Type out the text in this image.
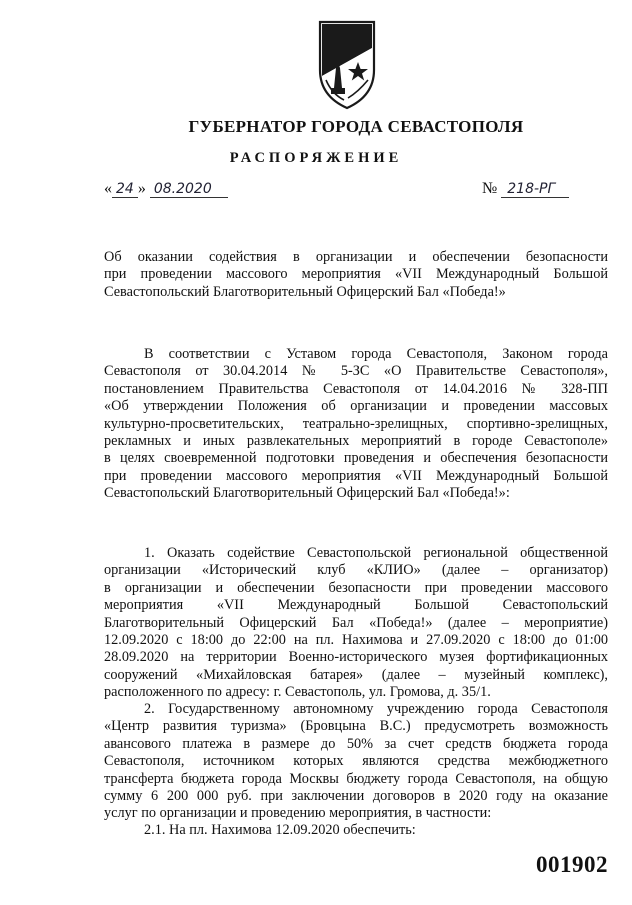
ГУБЕРНАТОР ГОРОДА СЕВАСТОПОЛЯ
РАСПОРЯЖЕНИЕ
« 24 » 08.2020	№ 218-РГ
Об оказании содействия в организации и обеспечении безопасности
при проведении массового мероприятия «VII Международный Большой
Севастопольский Благотворительный Офицерский Бал «Победа!»
В соответствии с Уставом города Севастополя, Законом города
Севастополя от 30.04.2014 № 5-ЗС «О Правительстве Севастополя»,
постановлением Правительства Севастополя от 14.04.2016 № 328-ПП
«Об утверждении Положения об организации и проведении массовых
культурно-просветительских, театрально-зрелищных, спортивно-зрелищных,
рекламных и иных развлекательных мероприятий в городе Севастополе»
в целях своевременной подготовки проведения и обеспечения безопасности
при проведении массового мероприятия «VII Международный Большой
Севастопольский Благотворительный Офицерский Бал «Победа!»:
1. Оказать содействие Севастопольской региональной общественной
организации «Исторический клуб «КЛИО» (далее – организатор)
в организации и обеспечении безопасности при проведении массового
мероприятия «VII Международный Большой Севастопольский
Благотворительный Офицерский Бал «Победа!» (далее – мероприятие)
12.09.2020 с 18:00 до 22:00 на пл. Нахимова и 27.09.2020 с 18:00 до 01:00
28.09.2020 на территории Военно-исторического музея фортификационных
сооружений «Михайловская батарея» (далее – музейный комплекс),
расположенного по адресу: г. Севастополь, ул. Громова, д. 35/1.
2. Государственному автономному учреждению города Севастополя
«Центр развития туризма» (Бровцына В.С.) предусмотреть возможность
авансового платежа в размере до 50% за счет средств бюджета города
Севастополя, источником которых являются средства межбюджетного
трансферта бюджета города Москвы бюджету города Севастополя, на общую
сумму 6 200 000 руб. при заключении договоров в 2020 году на оказание
услуг по организации и проведению мероприятия, в частности:
2.1. На пл. Нахимова 12.09.2020 обеспечить:
001902
